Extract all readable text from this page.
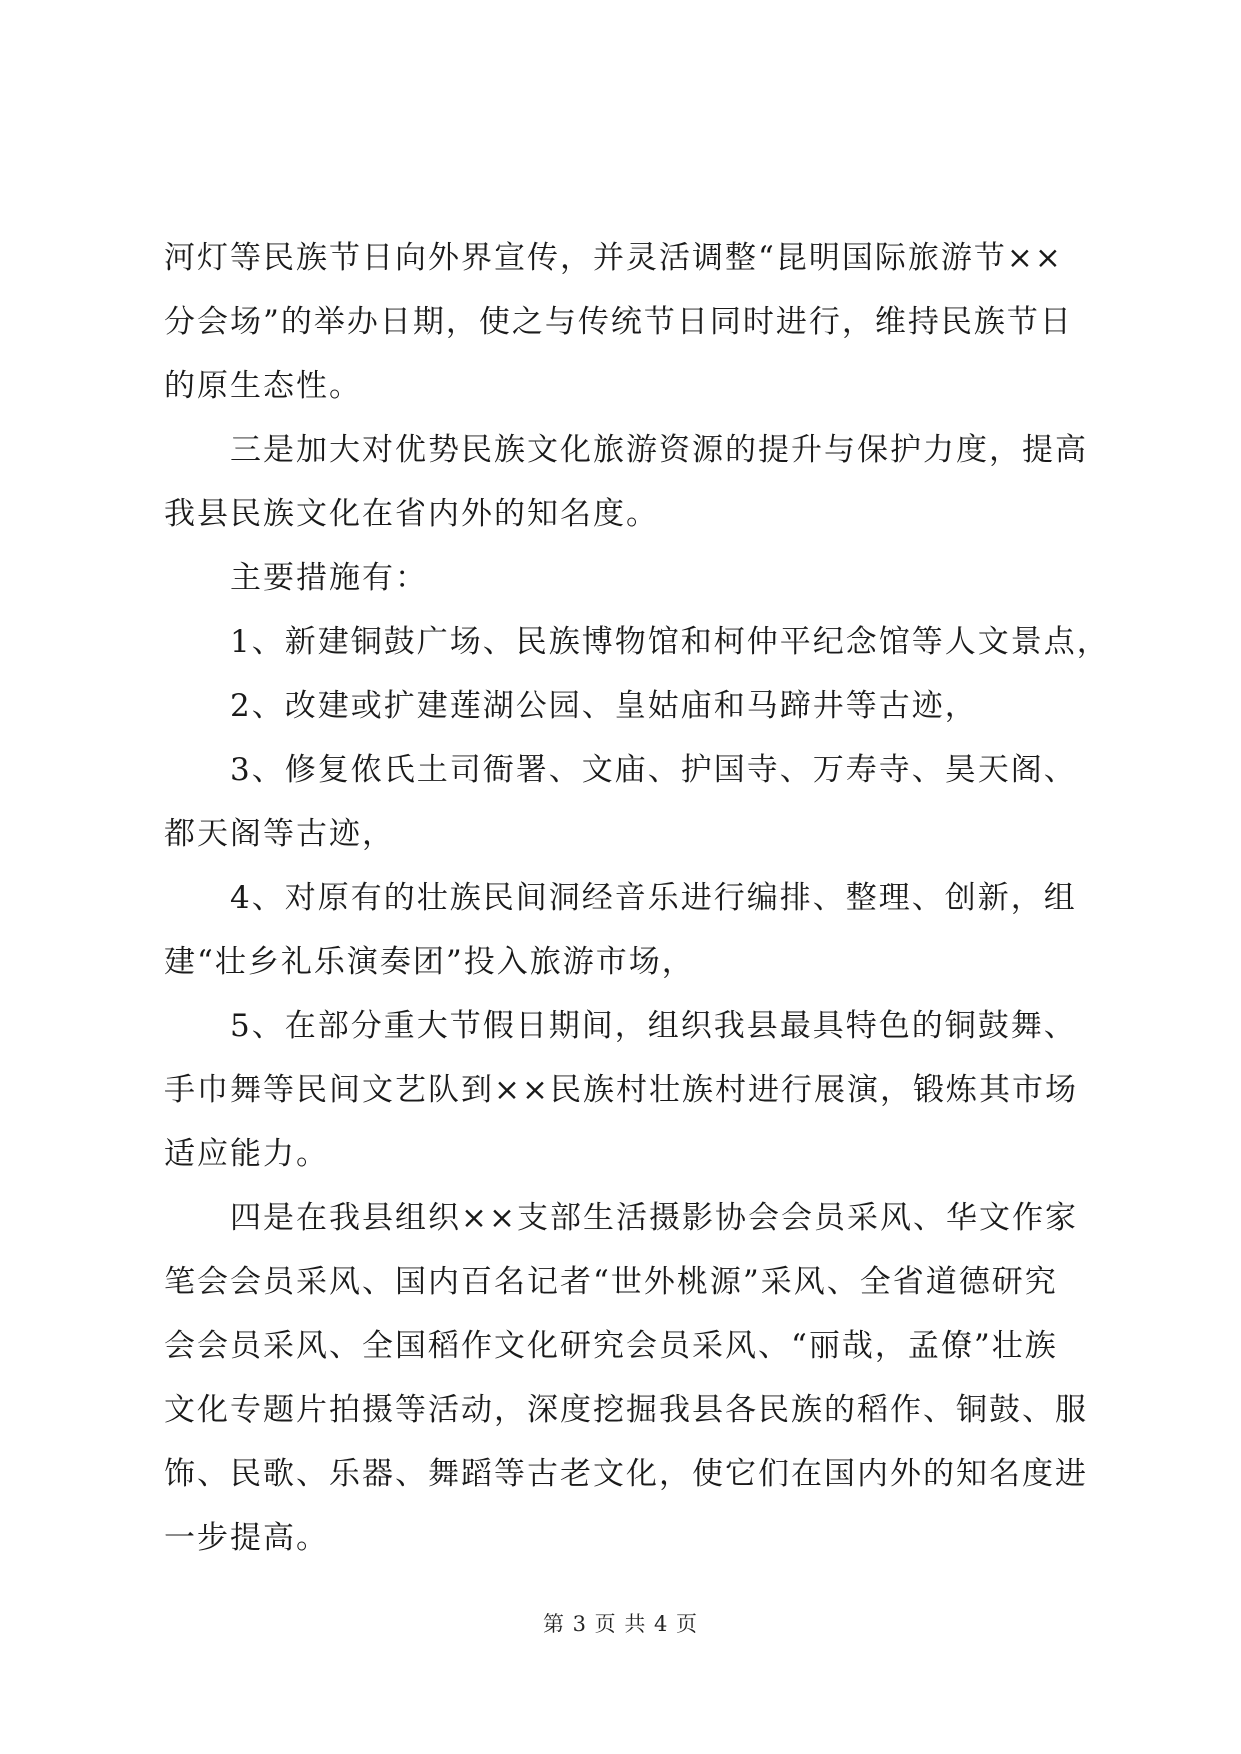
河灯等民族节日向外界宣传，并灵活调整“昆明国际旅游节××
分会场”的举办日期，使之与传统节日同时进行，维持民族节日
的原生态性。
三是加大对优势民族文化旅游资源的提升与保护力度，提高
我县民族文化在省内外的知名度。
主要措施有：
1、新建铜鼓广场、民族博物馆和柯仲平纪念馆等人文景点，
2、改建或扩建莲湖公园、皇姑庙和马蹄井等古迹，
3、修复侬氏土司衙署、文庙、护国寺、万寿寺、昊天阁、
都天阁等古迹，
4、对原有的壮族民间洞经音乐进行编排、整理、创新，组
建“壮乡礼乐演奏团”投入旅游市场，
5、在部分重大节假日期间，组织我县最具特色的铜鼓舞、
手巾舞等民间文艺队到××民族村壮族村进行展演，锻炼其市场
适应能力。
四是在我县组织××支部生活摄影协会会员采风、华文作家
笔会会员采风、国内百名记者“世外桃源”采风、全省道德研究
会会员采风、全国稻作文化研究会员采风、“丽哉，孟僚”壮族
文化专题片拍摄等活动，深度挖掘我县各民族的稻作、铜鼓、服
饰、民歌、乐器、舞蹈等古老文化，使它们在国内外的知名度进
一步提高。
第 3 页 共 4 页
